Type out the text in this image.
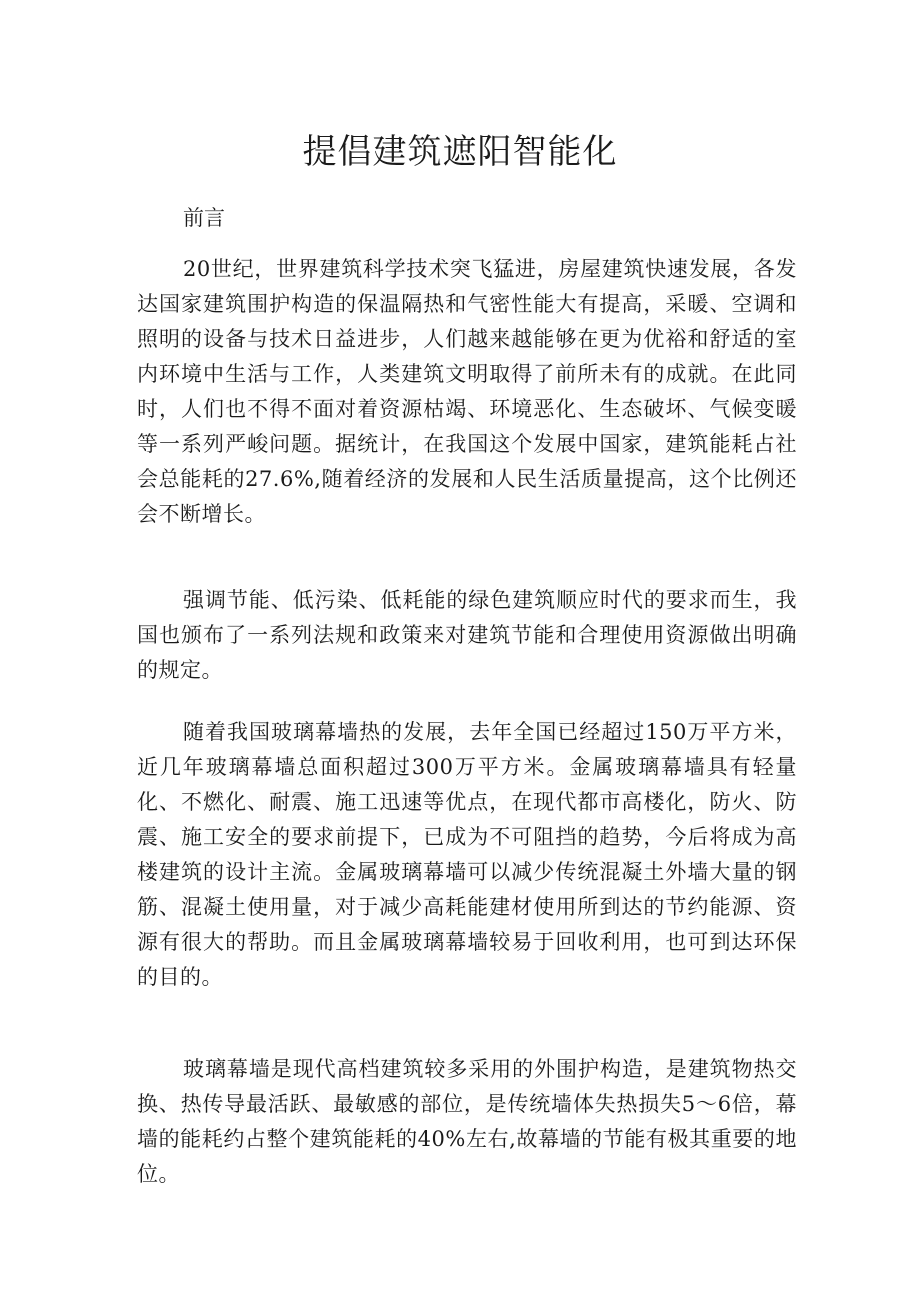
提倡建筑遮阳智能化

前言

20世纪，世界建筑科学技术突飞猛进，房屋建筑快速发展，各发达国家建筑围护构造的保温隔热和气密性能大有提高，采暖、空调和照明的设备与技术日益进步，人们越来越能够在更为优裕和舒适的室内环境中生活与工作，人类建筑文明取得了前所未有的成就。在此同时，人们也不得不面对着资源枯竭、环境恶化、生态破坏、气候变暖等一系列严峻问题。据统计，在我国这个发展中国家，建筑能耗占社会总能耗的27.6%,随着经济的发展和人民生活质量提高，这个比例还会不断增长。

强调节能、低污染、低耗能的绿色建筑顺应时代的要求而生，我国也颁布了一系列法规和政策来对建筑节能和合理使用资源做出明确的规定。

随着我国玻璃幕墙热的发展，去年全国已经超过150万平方米，近几年玻璃幕墙总面积超过300万平方米。金属玻璃幕墙具有轻量化、不燃化、耐震、施工迅速等优点，在现代都市高楼化，防火、防震、施工安全的要求前提下，已成为不可阻挡的趋势，今后将成为高楼建筑的设计主流。金属玻璃幕墙可以减少传统混凝土外墙大量的钢筋、混凝土使用量，对于减少高耗能建材使用所到达的节约能源、资源有很大的帮助。而且金属玻璃幕墙较易于回收利用，也可到达环保的目的。

玻璃幕墙是现代高档建筑较多采用的外围护构造，是建筑物热交换、热传导最活跃、最敏感的部位，是传统墙体失热损失5～6倍，幕墙的能耗约占整个建筑能耗的40%左右,故幕墙的节能有极其重要的地位。
